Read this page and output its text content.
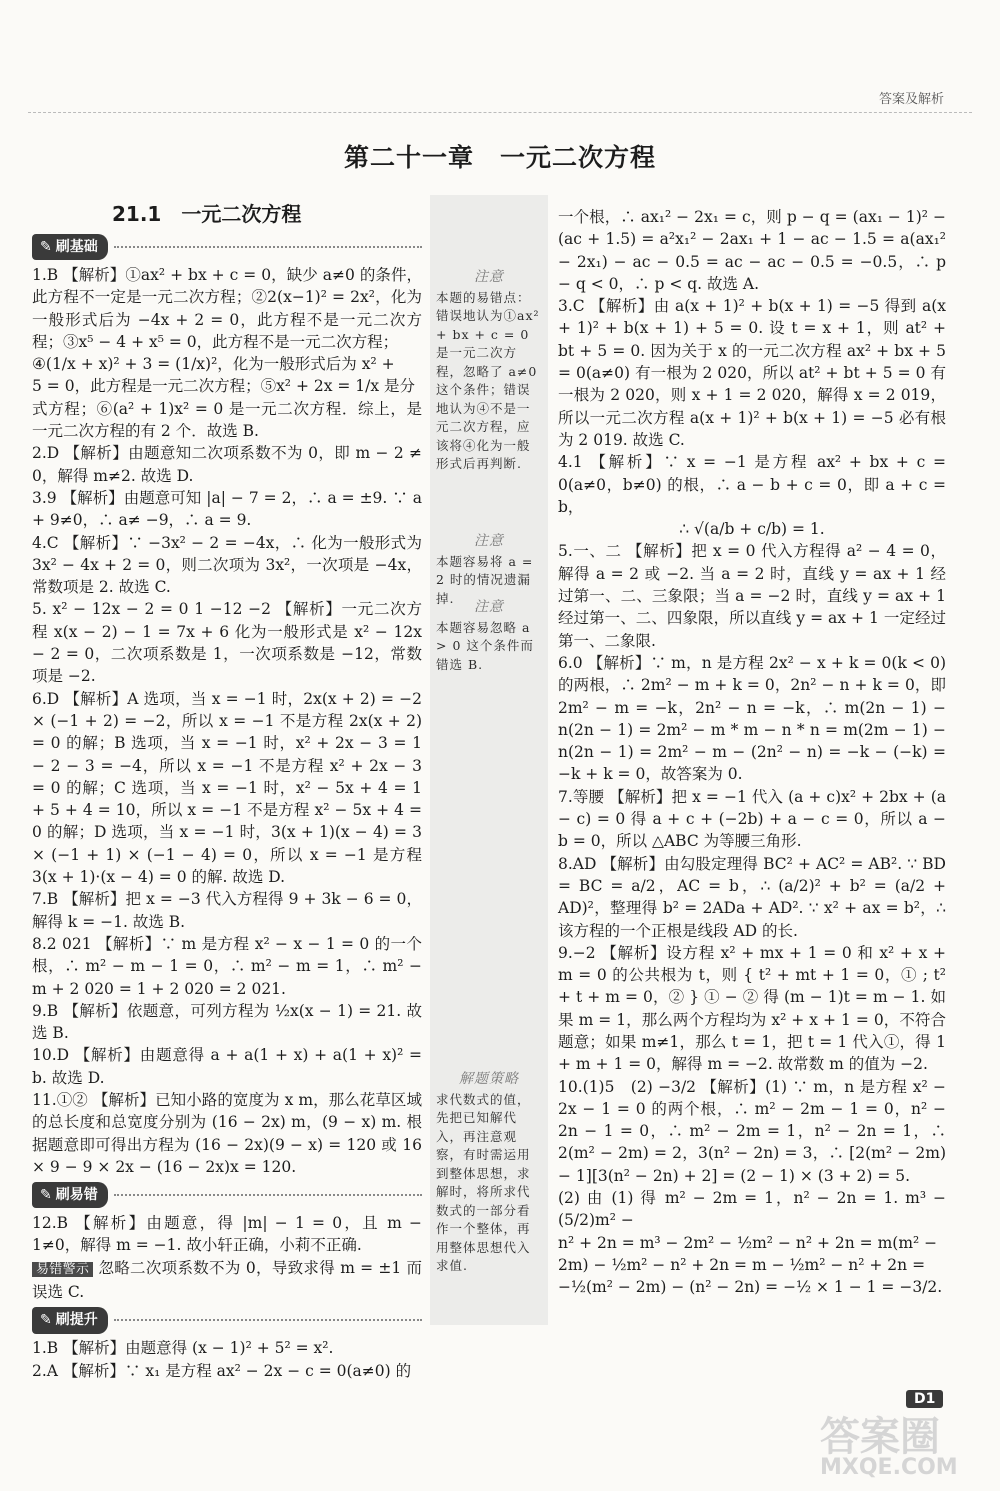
答案及解析
第二十一章　一元二次方程
21.1　一元二次方程
注意
本题的易错点：错误地认为①ax² + bx + c = 0 是一元二次方程，忽略了 a≠0 这个条件；错误地认为④不是一元二次方程，应该将④化为一般形式后再判断.
注意
本题容易将 a = 2 时的情况遗漏掉.
注意
本题容易忽略 a > 0 这个条件而错选 B.
解题策略
求代数式的值，先把已知解代入，再注意观察，有时需运用到整体思想，求解时，将所求代数式的一部分看作一个整体，再用整体思想代入求值.
✎ 刷基础

1.B 【解析】①ax² + bx + c = 0，缺少 a≠0 的条件，此方程不一定是一元二次方程；②2(x−1)² = 2x²，化为一般形式后为 −4x + 2 = 0，此方程不是一元二次方程；③x⁵ − 4 + x⁵ = 0，此方程不是一元二次方程；

④(1/x + x)² + 3 = (1/x)²，化为一般形式后为 x² +

5 = 0，此方程是一元二次方程；⑤x² + 2x = 1/x 是分

式方程；⑥(a² + 1)x² = 0 是一元二次方程．综上，是一元二次方程的有 2 个．故选 B.

2.D 【解析】由题意知二次项系数不为 0，即 m − 2 ≠ 0，解得 m≠2. 故选 D.

3.9 【解析】由题意可知 |a| − 7 = 2，∴ a = ±9. ∵ a + 9≠0，∴ a≠ −9，∴ a = 9.

4.C 【解析】∵ −3x² − 2 = −4x，∴ 化为一般形式为 3x² − 4x + 2 = 0，则二次项为 3x²，一次项是 −4x，常数项是 2. 故选 C.

5. x² − 12x − 2 = 0 1 −12 −2 【解析】一元二次方程 x(x − 2) − 1 = 7x + 6 化为一般形式是 x² − 12x − 2 = 0，二次项系数是 1，一次项系数是 −12，常数项是 −2.

6.D 【解析】A 选项，当 x = −1 时，2x(x + 2) = −2 × (−1 + 2) = −2，所以 x = −1 不是方程 2x(x + 2) = 0 的解；B 选项，当 x = −1 时，x² + 2x − 3 = 1 − 2 − 3 = −4，所以 x = −1 不是方程 x² + 2x − 3 = 0 的解；C 选项，当 x = −1 时，x² − 5x + 4 = 1 + 5 + 4 = 10，所以 x = −1 不是方程 x² − 5x + 4 = 0 的解；D 选项，当 x = −1 时，3(x + 1)(x − 4) = 3 × (−1 + 1) × (−1 − 4) = 0，所以 x = −1 是方程 3(x + 1)·(x − 4) = 0 的解. 故选 D.

7.B 【解析】把 x = −3 代入方程得 9 + 3k − 6 = 0，解得 k = −1. 故选 B.

8.2 021 【解析】∵ m 是方程 x² − x − 1 = 0 的一个根，∴ m² − m − 1 = 0，∴ m² − m = 1，∴ m² − m + 2 020 = 1 + 2 020 = 2 021.

9.B 【解析】依题意，可列方程为 ½x(x − 1) = 21. 故选 B.

10.D 【解析】由题意得 a + a(1 + x) + a(1 + x)² = b. 故选 D.

11.①② 【解析】已知小路的宽度为 x m，那么花草区域的总长度和总宽度分别为 (16 − 2x) m，(9 − x) m. 根据题意即可得出方程为 (16 − 2x)(9 − x) = 120 或 16 × 9 − 9 × 2x − (16 − 2x)x = 120.

✎ 刷易错

12.B 【解析】由题意，得 |m| − 1 = 0，且 m − 1≠0，解得 m = −1. 故小轩正确，小莉不正确.

易错警示 忽略二次项系数不为 0，导致求得 m = ±1 而误选 C.

✎ 刷提升

1.B 【解析】由题意得 (x − 1)² + 5² = x².

2.A 【解析】∵ x₁ 是方程 ax² − 2x − c = 0(a≠0) 的

一个根，∴ ax₁² − 2x₁ = c，则 p − q = (ax₁ − 1)² − (ac + 1.5) = a²x₁² − 2ax₁ + 1 − ac − 1.5 = a(ax₁² − 2x₁) − ac − 0.5 = ac − ac − 0.5 = −0.5，∴ p − q < 0，∴ p < q. 故选 A.

3.C 【解析】由 a(x + 1)² + b(x + 1) = −5 得到 a(x + 1)² + b(x + 1) + 5 = 0. 设 t = x + 1，则 at² + bt + 5 = 0. 因为关于 x 的一元二次方程 ax² + bx + 5 = 0(a≠0) 有一根为 2 020，所以 at² + bt + 5 = 0 有一根为 2 020，则 x + 1 = 2 020，解得 x = 2 019，所以一元二次方程 a(x + 1)² + b(x + 1) = −5 必有根为 2 019. 故选 C.

4.1 【解析】∵ x = −1 是方程 ax² + bx + c = 0(a≠0，b≠0) 的根，∴ a − b + c = 0，即 a + c = b，

∴ √(a/b + c/b) = 1.

5.一、二 【解析】把 x = 0 代入方程得 a² − 4 = 0，解得 a = 2 或 −2. 当 a = 2 时，直线 y = ax + 1 经过第一、二、三象限；当 a = −2 时，直线 y = ax + 1 经过第一、二、四象限，所以直线 y = ax + 1 一定经过第一、二象限.

6.0 【解析】∵ m，n 是方程 2x² − x + k = 0(k < 0) 的两根，∴ 2m² − m + k = 0，2n² − n + k = 0，即 2m² − m = −k，2n² − n = −k，∴ m(2n − 1) − n(2n − 1) = 2m² − m * m − n * n = m(2m − 1) − n(2n − 1) = 2m² − m − (2n² − n) = −k − (−k) = −k + k = 0，故答案为 0.

7.等腰 【解析】把 x = −1 代入 (a + c)x² + 2bx + (a − c) = 0 得 a + c + (−2b) + a − c = 0，所以 a − b = 0，所以 △ABC 为等腰三角形.

8.AD 【解析】由勾股定理得 BC² + AC² = AB². ∵ BD = BC = a/2，AC = b，∴ (a/2)² + b² = (a/2 + AD)²，整理得 b² = 2ADa + AD². ∵ x² + ax = b²，∴ 该方程的一个正根是线段 AD 的长.

9.−2 【解析】设方程 x² + mx + 1 = 0 和 x² + x + m = 0 的公共根为 t，则 { t² + mt + 1 = 0，① ; t² + t + m = 0，② } ① − ② 得 (m − 1)t = m − 1. 如果 m = 1，那么两个方程均为 x² + x + 1 = 0，不符合题意；如果 m≠1，那么 t = 1，把 t = 1 代入①，得 1 + m + 1 = 0，解得 m = −2. 故常数 m 的值为 −2.

10.(1)5　(2) −3/2 【解析】(1) ∵ m，n 是方程 x² − 2x − 1 = 0 的两个根，∴ m² − 2m − 1 = 0，n² − 2n − 1 = 0，∴ m² − 2m = 1，n² − 2n = 1，∴ 2(m² − 2m) = 2，3(n² − 2n) = 3，∴ [2(m² − 2m) − 1][3(n² − 2n) + 2] = (2 − 1) × (3 + 2) = 5.

(2) 由 (1) 得 m² − 2m = 1，n² − 2n = 1. m³ − (5/2)m² −

n² + 2n = m³ − 2m² − ½m² − n² + 2n = m(m² −

2m) − ½m² − n² + 2n = m − ½m² − n² + 2n =

−½(m² − 2m) − (n² − 2n) = −½ × 1 − 1 = −3/2.

D1
答案圈
MXQE.COM
